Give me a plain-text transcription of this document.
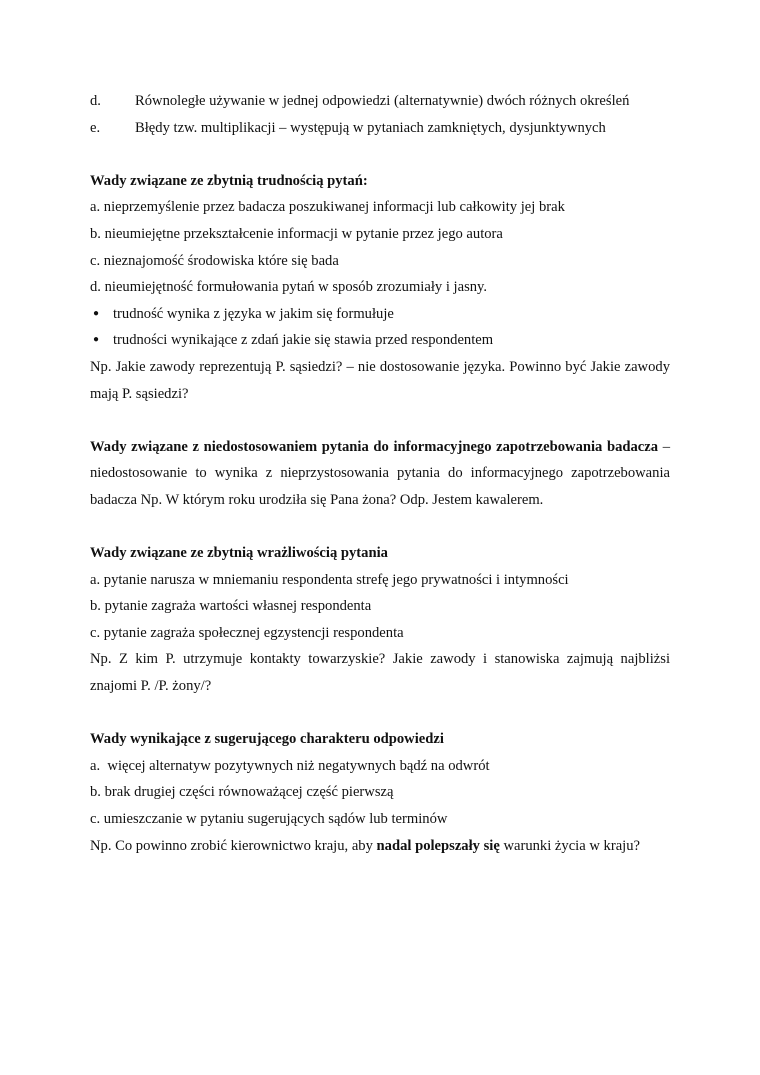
d.	Równoległe używanie w jednej odpowiedzi (alternatywnie) dwóch różnych określeń
e.	Błędy tzw. multiplikacji – występują w pytaniach zamkniętych, dysjunktywnych
Wady związane ze zbytnią trudnością pytań:
a. nieprzemyślenie przez badacza poszukiwanej informacji lub całkowity jej brak
b. nieumiejętne przekształcenie informacji w pytanie przez jego autora
c. nieznajomość środowiska które się bada
d. nieumiejętność formułowania pytań w sposób zrozumiały i jasny.
● trudność wynika z języka w jakim się formułuje
● trudności wynikające z zdań jakie się stawia przed respondentem
Np. Jakie zawody reprezentują P. sąsiedzi? – nie dostosowanie języka. Powinno być Jakie zawody mają P. sąsiedzi?
Wady związane z niedostosowaniem pytania do informacyjnego zapotrzebowania badacza – niedostosowanie to wynika z nieprzystosowania pytania do informacyjnego zapotrzebowania badacza Np. W którym roku urodziła się Pana żona? Odp. Jestem kawalerem.
Wady związane ze zbytnią wrażliwością pytania
a. pytanie narusza w mniemaniu respondenta strefę jego prywatności i intymności
b. pytanie zagraża wartości własnej respondenta
c. pytanie zagraża społecznej egzystencji respondenta
Np. Z kim P. utrzymuje kontakty towarzyskie? Jakie zawody i stanowiska zajmują najbliżsi znajomi P. /P. żony/?
Wady wynikające z sugerującego charakteru odpowiedzi
a.  więcej alternatyw pozytywnych niż negatywnych bądź na odwrót
b. brak drugiej części równoważącej część pierwszą
c. umieszczanie w pytaniu sugerujących sądów lub terminów
Np. Co powinno zrobić kierownictwo kraju, aby nadal polepszały się warunki życia w kraju?
